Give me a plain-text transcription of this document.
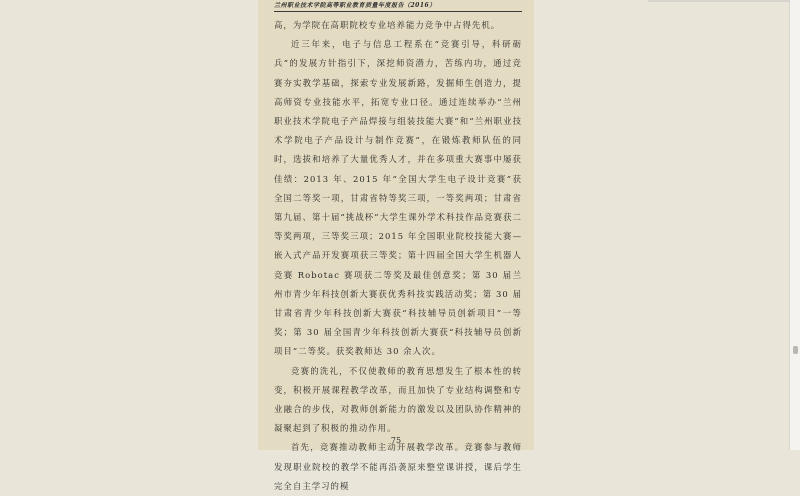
兰州职业技术学院高等职业教育质量年度报告（2016）

高，为学院在高职院校专业培养能力竞争中占得先机。

近三年来，电子与信息工程系在“竞赛引导，科研砺兵”的发展方针指引下，深挖师资潜力，苦练内功，通过竞赛夯实教学基础，探索专业发展新路，发掘师生创造力，提高师资专业技能水平，拓宽专业口径。通过连续举办“兰州职业技术学院电子产品焊接与组装技能大赛”和“兰州职业技术学院电子产品设计与制作竞赛”，在锻炼教师队伍的同时，选拔和培养了大量优秀人才，并在多项重大赛事中屡获佳绩：2013 年、2015 年“全国大学生电子设计竞赛”获全国二等奖一项，甘肃省特等奖三项，一等奖两项；甘肃省第九届、第十届“挑战杯”大学生课外学术科技作品竞赛获二等奖两项，三等奖三项；2015 年全国职业院校技能大赛—嵌入式产品开发赛项获三等奖；第十四届全国大学生机器人竞赛 Robotac 赛项获二等奖及最佳创意奖；第 30 届兰州市青少年科技创新大赛获优秀科技实践活动奖；第 30 届甘肃省青少年科技创新大赛获“科技辅导员创新项目”一等奖；第 30 届全国青少年科技创新大赛获“科技辅导员创新项目”二等奖。获奖教师达 30 余人次。

竞赛的洗礼，不仅使教师的教育思想发生了根本性的转变，积极开展课程教学改革，而且加快了专业结构调整和专业融合的步伐，对教师创新能力的激发以及团队协作精神的凝聚起到了积极的推动作用。

首先，竞赛推动教师主动开展教学改革。竞赛参与教师发现职业院校的教学不能再沿袭原来整堂课讲授，课后学生完全自主学习的模

75
